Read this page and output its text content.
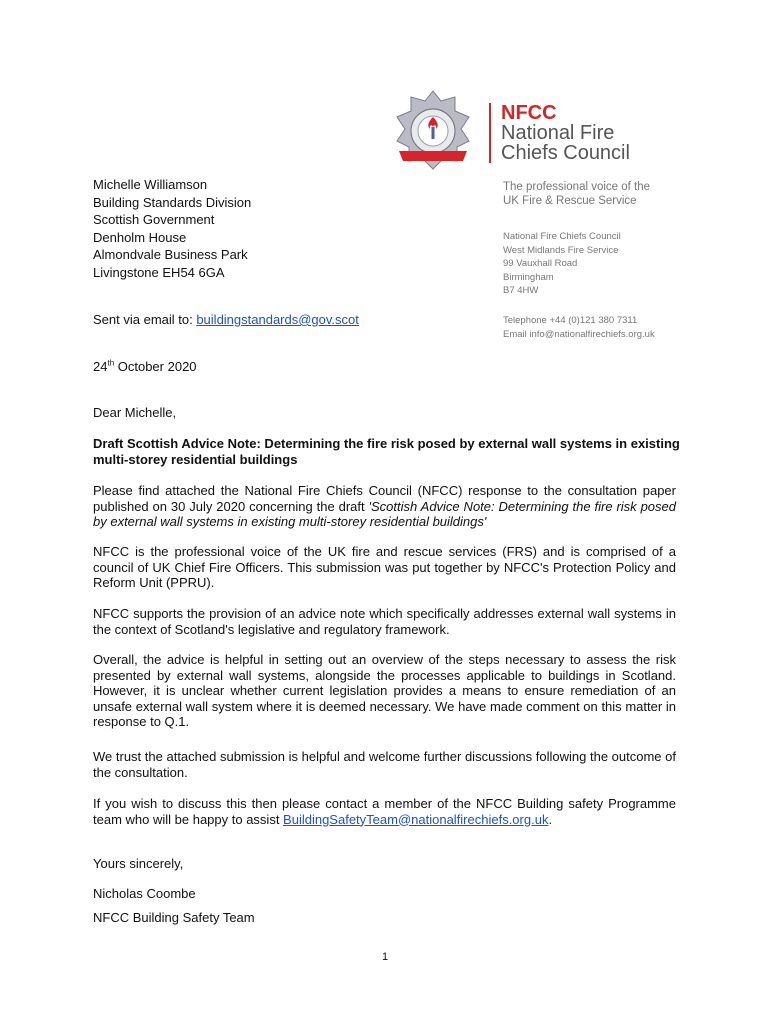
NFCC
National Fire
Chiefs Council
The professional voice of the
UK Fire & Rescue Service
National Fire Chiefs Council
West Midlands Fire Service
99 Vauxhall Road
Birmingham
B7 4HW
Telephone +44 (0)121 380 7311
Email info@nationalfirechiefs.org.uk
Michelle Williamson
Building Standards Division
Scottish Government
Denholm House
Almondvale Business Park
Livingstone EH54 6GA
Sent via email to: buildingstandards@gov.scot
24th October 2020
Dear Michelle,
Draft Scottish Advice Note: Determining the fire risk posed by external wall systems in existing multi-storey residential buildings
Please find attached the National Fire Chiefs Council (NFCC) response to the consultation paper published on 30 July 2020 concerning the draft 'Scottish Advice Note: Determining the fire risk posed by external wall systems in existing multi-storey residential buildings'
NFCC is the professional voice of the UK fire and rescue services (FRS) and is comprised of a council of UK Chief Fire Officers. This submission was put together by NFCC's Protection Policy and Reform Unit (PPRU).
NFCC supports the provision of an advice note which specifically addresses external wall systems in the context of Scotland's legislative and regulatory framework.
Overall, the advice is helpful in setting out an overview of the steps necessary to assess the risk presented by external wall systems, alongside the processes applicable to buildings in Scotland. However, it is unclear whether current legislation provides a means to ensure remediation of an unsafe external wall system where it is deemed necessary. We have made comment on this matter in response to Q.1.
We trust the attached submission is helpful and welcome further discussions following the outcome of the consultation.
If you wish to discuss this then please contact a member of the NFCC Building safety Programme team who will be happy to assist BuildingSafetyTeam@nationalfirechiefs.org.uk.
Yours sincerely,
Nicholas Coombe
NFCC Building Safety Team
1
